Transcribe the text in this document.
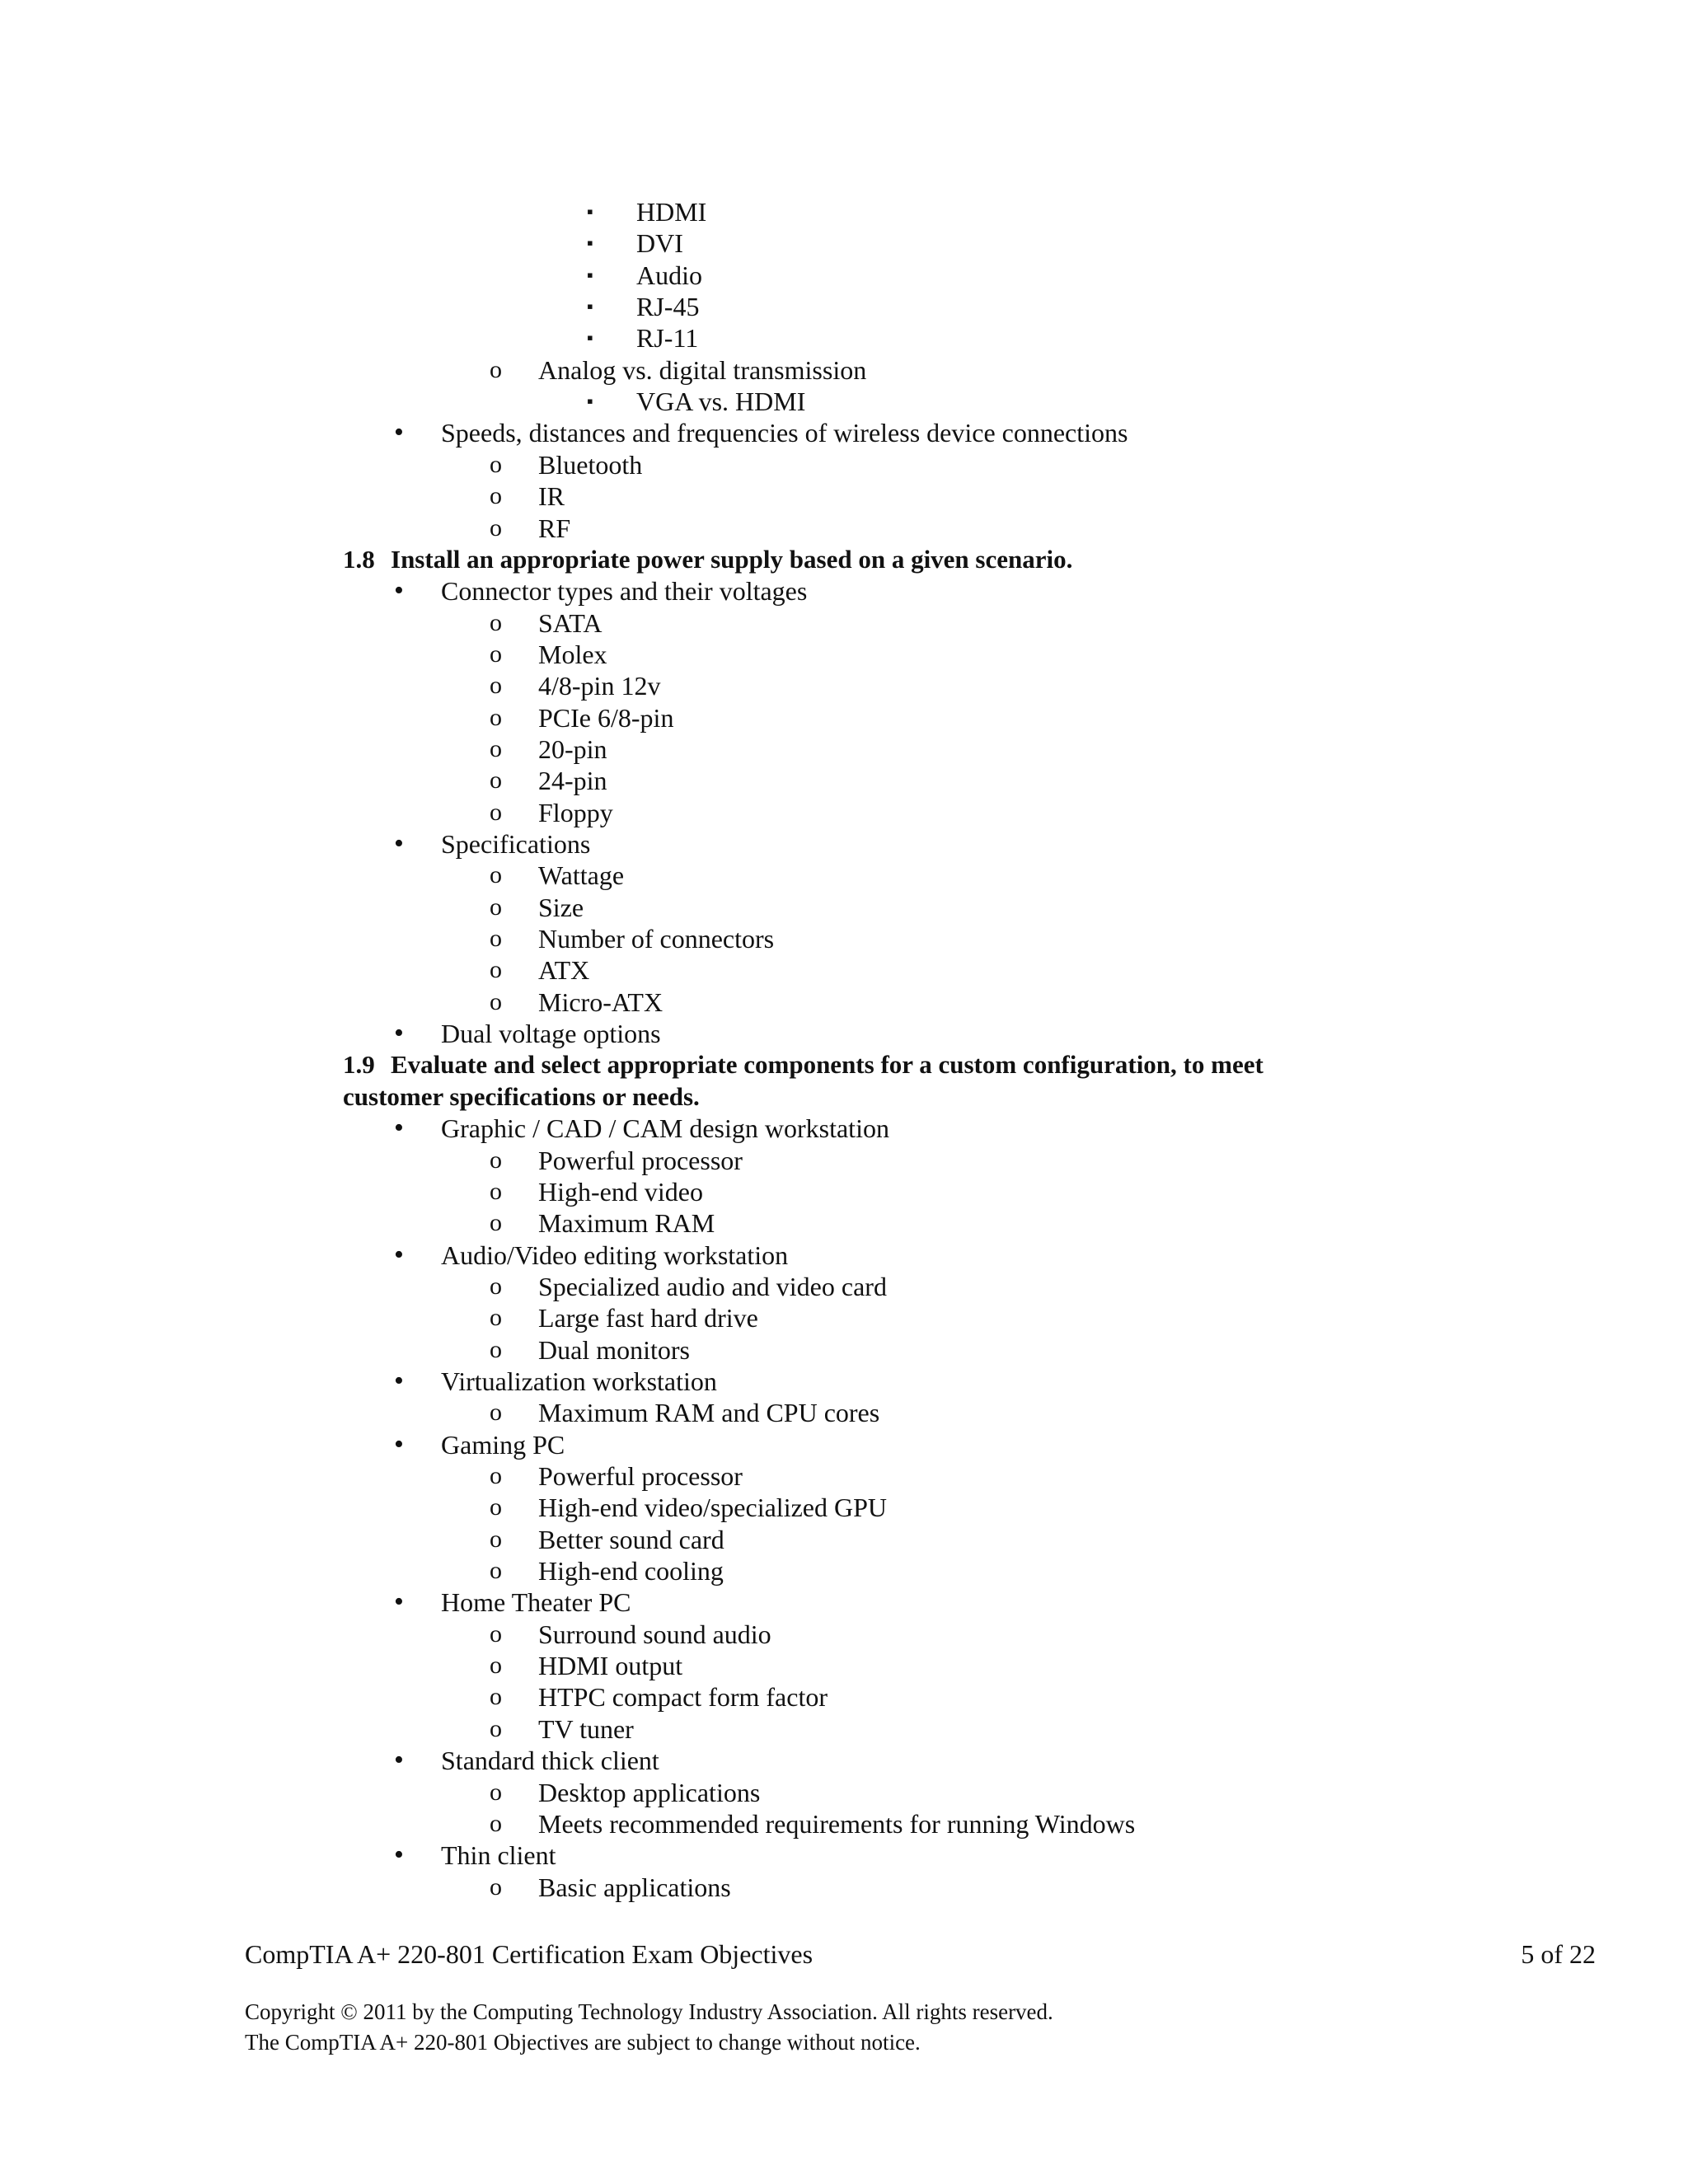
▪ HDMI
▪ DVI
▪ Audio
▪ RJ-45
▪ RJ-11
o Analog vs. digital transmission
▪ VGA vs. HDMI
• Speeds, distances and frequencies of wireless device connections
o Bluetooth
o IR
o RF
1.8 Install an appropriate power supply based on a given scenario.
• Connector types and their voltages
o SATA
o Molex
o 4/8-pin 12v
o PCIe 6/8-pin
o 20-pin
o 24-pin
o Floppy
• Specifications
o Wattage
o Size
o Number of connectors
o ATX
o Micro-ATX
• Dual voltage options
1.9 Evaluate and select appropriate components for a custom configuration, to meet
customer specifications or needs.
• Graphic / CAD / CAM design workstation
o Powerful processor
o High-end video
o Maximum RAM
• Audio/Video editing workstation
o Specialized audio and video card
o Large fast hard drive
o Dual monitors
• Virtualization workstation
o Maximum RAM and CPU cores
• Gaming PC
o Powerful processor
o High-end video/specialized GPU
o Better sound card
o High-end cooling
• Home Theater PC
o Surround sound audio
o HDMI output
o HTPC compact form factor
o TV tuner
• Standard thick client
o Desktop applications
o Meets recommended requirements for running Windows
• Thin client
o Basic applications
CompTIA A+ 220-801 Certification Exam Objectives	5 of 22
Copyright © 2011 by the Computing Technology Industry Association. All rights reserved.
The CompTIA A+ 220-801 Objectives are subject to change without notice.
